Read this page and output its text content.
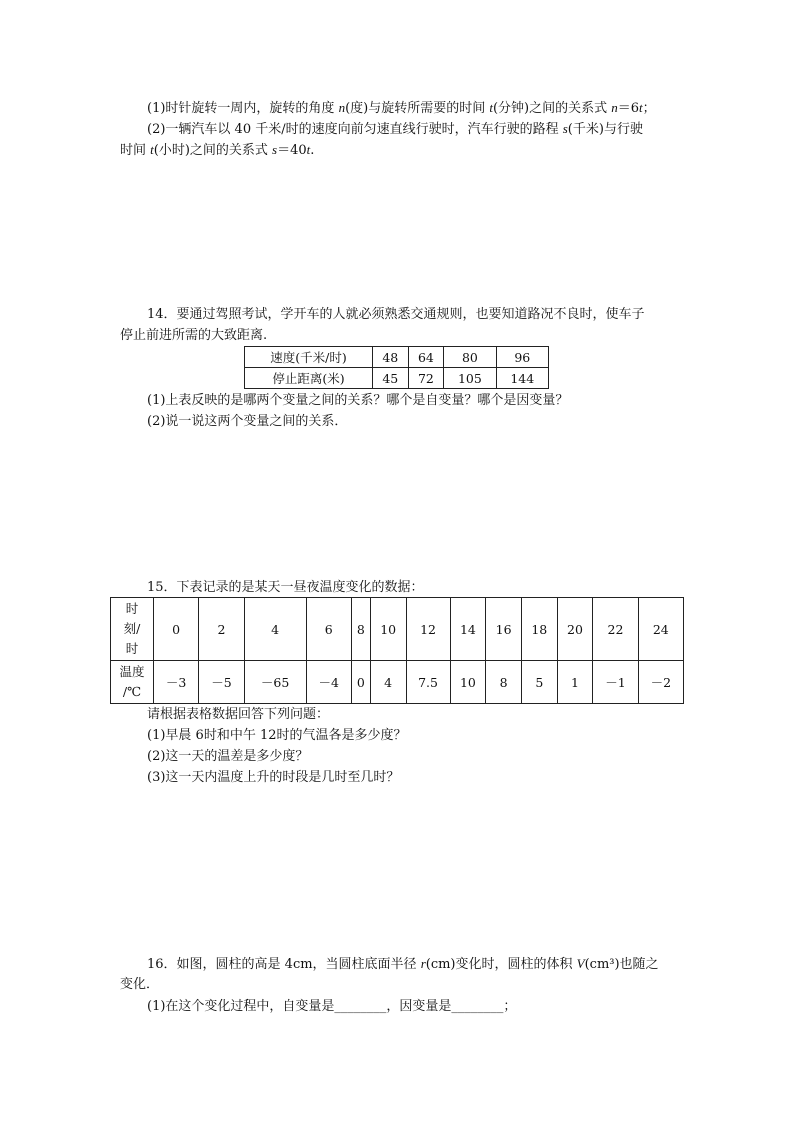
(1)时针旋转一周内，旋转的角度 n(度)与旋转所需要的时间 t(分钟)之间的关系式 n＝6t；
(2)一辆汽车以 40 千米/时的速度向前匀速直线行驶时，汽车行驶的路程 s(千米)与行驶
时间 t(小时)之间的关系式 s＝40t.
14．要通过驾照考试，学开车的人就必须熟悉交通规则，也要知道路况不良时，使车子
停止前进所需的大致距离.
速度(千米/时)	48	64	80	96
停止距离(米)	45	72	105	144
(1)上表反映的是哪两个变量之间的关系？哪个是自变量？哪个是因变量？
(2)说一说这两个变量之间的关系．
15．下表记录的是某天一昼夜温度变化的数据：
时
刻/
时	0	2	4	6	8	10	12	14	16	18	20	22	24

温度
/℃	－3	－5	－65	－4	0	4	7.5	10	8	5	1	－1	－2
请根据表格数据回答下列问题：
(1)早晨 6时和中午 12时的气温各是多少度？
(2)这一天的温差是多少度？
(3)这一天内温度上升的时段是几时至几时？
16．如图，圆柱的高是 4cm，当圆柱底面半径 r(cm)变化时，圆柱的体积 V(cm³)也随之
变化．
(1)在这个变化过程中，自变量是________，因变量是________；
